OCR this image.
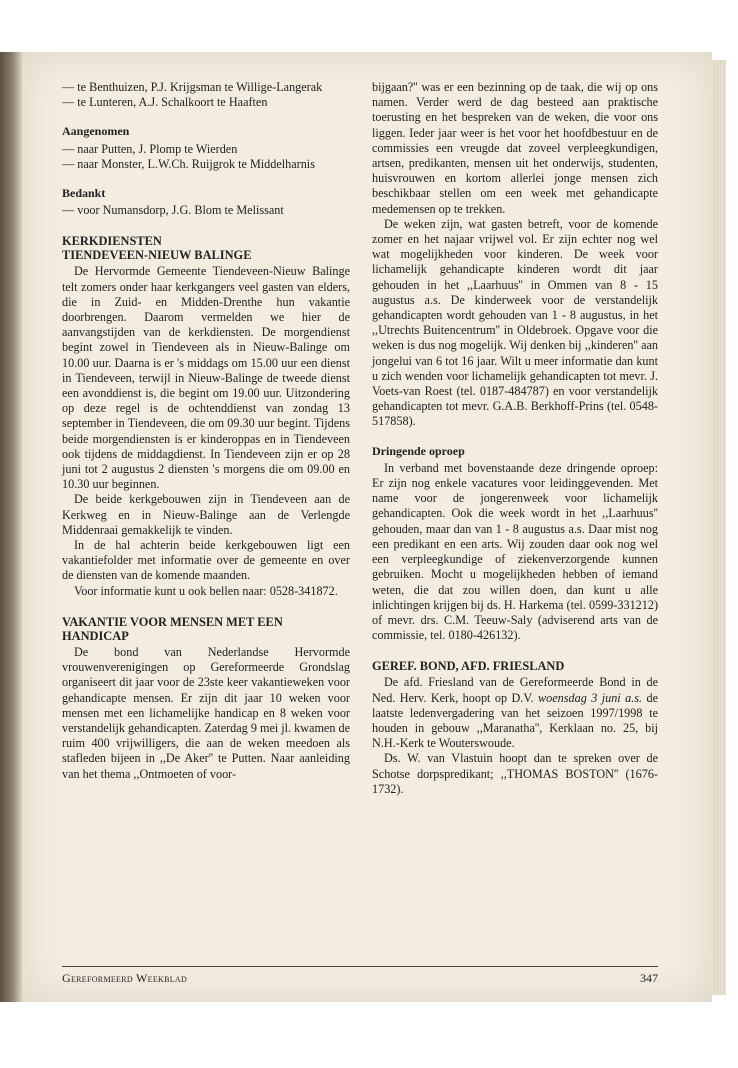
— te Benthuizen, P.J. Krijgsman te Willige-Langerak

— te Lunteren, A.J. Schalkoort te Haaften

Aangenomen

— naar Putten, J. Plomp te Wierden

— naar Monster, L.W.Ch. Ruijgrok te Middelharnis

Bedankt

— voor Numansdorp, J.G. Blom te Melissant

KERKDIENSTEN
TIENDEVEEN-NIEUW BALINGE

De Hervormde Gemeente Tiendeveen-Nieuw Balinge telt zomers onder haar kerkgangers veel gasten van elders, die in Zuid- en Midden-Drenthe hun vakantie doorbrengen. Daarom vermelden we hier de aanvangstijden van de kerkdiensten. De morgendienst begint zowel in Tiendeveen als in Nieuw-Balinge om 10.00 uur. Daarna is er 's middags om 15.00 uur een dienst in Tiendeveen, terwijl in Nieuw-Balinge de tweede dienst een avonddienst is, die begint om 19.00 uur. Uitzondering op deze regel is de ochtenddienst van zondag 13 september in Tiendeveen, die om 09.30 uur begint. Tijdens beide morgendiensten is er kinderoppas en in Tiendeveen ook tijdens de middagdienst. In Tiendeveen zijn er op 28 juni tot 2 augustus 2 diensten 's morgens die om 09.00 en 10.30 uur beginnen.

De beide kerkgebouwen zijn in Tiendeveen aan de Kerkweg en in Nieuw-Balinge aan de Verlengde Middenraai gemakkelijk te vinden.

In de hal achterin beide kerkgebouwen ligt een vakantiefolder met informatie over de gemeente en over de diensten van de komende maanden.

Voor informatie kunt u ook bellen naar: 0528-341872.

VAKANTIE VOOR MENSEN MET EEN HANDICAP

De bond van Nederlandse Hervormde vrouwenverenigingen op Gereformeerde Grondslag organiseert dit jaar voor de 23ste keer vakantieweken voor gehandicapte mensen. Er zijn dit jaar 10 weken voor mensen met een lichamelijke handicap en 8 weken voor verstandelijk gehandicapten. Zaterdag 9 mei jl. kwamen de ruim 400 vrijwilligers, die aan de weken meedoen als stafleden bijeen in ,,De Aker'' te Putten. Naar aanleiding van het thema ,,Ontmoeten of voor-

bijgaan?'' was er een bezinning op de taak, die wij op ons namen. Verder werd de dag besteed aan praktische toerusting en het bespreken van de weken, die voor ons liggen. Ieder jaar weer is het voor het hoofdbestuur en de commissies een vreugde dat zoveel verpleegkundigen, artsen, predikanten, mensen uit het onderwijs, studenten, huisvrouwen en kortom allerlei jonge mensen zich beschikbaar stellen om een week met gehandicapte medemensen op te trekken.

De weken zijn, wat gasten betreft, voor de komende zomer en het najaar vrijwel vol. Er zijn echter nog wel wat mogelijkheden voor kinderen. De week voor lichamelijk gehandicapte kinderen wordt dit jaar gehouden in het ,,Laarhuus'' in Ommen van 8 - 15 augustus a.s. De kinderweek voor de verstandelijk gehandicapten wordt gehouden van 1 - 8 augustus, in het ,,Utrechts Buitencentrum'' in Oldebroek. Opgave voor die weken is dus nog mogelijk. Wij denken bij ,,kinderen'' aan jongelui van 6 tot 16 jaar. Wilt u meer informatie dan kunt u zich wenden voor lichamelijk gehandicapten tot mevr. J. Voets-van Roest (tel. 0187-484787) en voor verstandelijk gehandicapten tot mevr. G.A.B. Berkhoff-Prins (tel. 0548-517858).

Dringende oproep

In verband met bovenstaande deze dringende oproep: Er zijn nog enkele vacatures voor leidinggevenden. Met name voor de jongerenweek voor lichamelijk gehandicapten. Ook die week wordt in het ,,Laarhuus'' gehouden, maar dan van 1 - 8 augustus a.s. Daar mist nog een predikant en een arts. Wij zouden daar ook nog wel een verpleegkundige of ziekenverzorgende kunnen gebruiken. Mocht u mogelijkheden hebben of iemand weten, die dat zou willen doen, dan kunt u alle inlichtingen krijgen bij ds. H. Harkema (tel. 0599-331212) of mevr. drs. C.M. Teeuw-Saly (adviserend arts van de commissie, tel. 0180-426132).

GEREF. BOND, AFD. FRIESLAND

De afd. Friesland van de Gereformeerde Bond in de Ned. Herv. Kerk, hoopt op D.V. woensdag 3 juni a.s. de laatste ledenvergadering van het seizoen 1997/1998 te houden in gebouw ,,Maranatha'', Kerklaan no. 25, bij N.H.-Kerk te Wouterswoude.

Ds. W. van Vlastuin hoopt dan te spreken over de Schotse dorpspredikant; ,,THOMAS BOSTON'' (1676-1732).

Gereformeerd Weekblad	347
